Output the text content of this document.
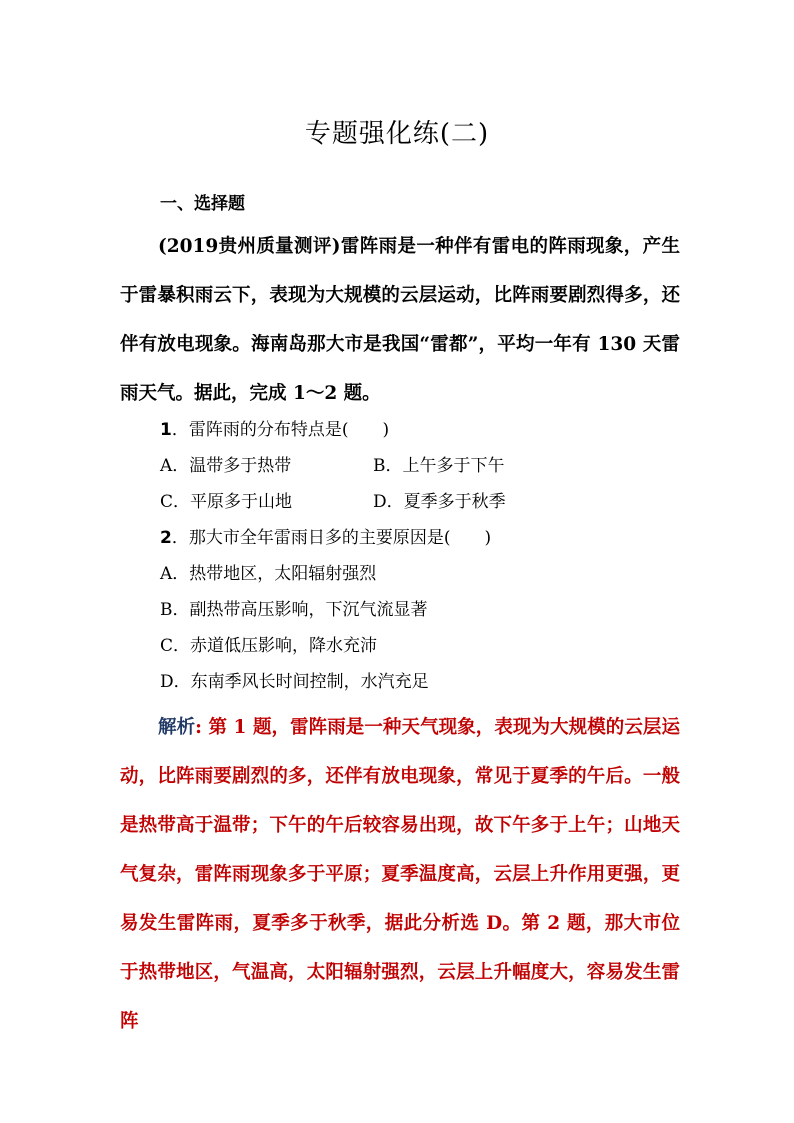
专题强化练(二)
一、选择题
(2019贵州质量测评)雷阵雨是一种伴有雷电的阵雨现象，产生于雷暴积雨云下，表现为大规模的云层运动，比阵雨要剧烈得多，还伴有放电现象。海南岛那大市是我国“雷都”，平均一年有 130 天雷雨天气。据此，完成 1～2 题。
1．雷阵雨的分布特点是(　　)
A．温带多于热带	B．上午多于下午
C．平原多于山地	D．夏季多于秋季
2．那大市全年雷雨日多的主要原因是(　　)
A．热带地区，太阳辐射强烈
B．副热带高压影响，下沉气流显著
C．赤道低压影响，降水充沛
D．东南季风长时间控制，水汽充足
解析: 第 1 题，雷阵雨是一种天气现象，表现为大规模的云层运动，比阵雨要剧烈的多，还伴有放电现象，常见于夏季的午后。一般是热带高于温带；下午的午后较容易出现，故下午多于上午；山地天气复杂，雷阵雨现象多于平原；夏季温度高，云层上升作用更强，更易发生雷阵雨，夏季多于秋季，据此分析选 D。第 2 题，那大市位于热带地区，气温高，太阳辐射强烈，云层上升幅度大，容易发生雷阵
